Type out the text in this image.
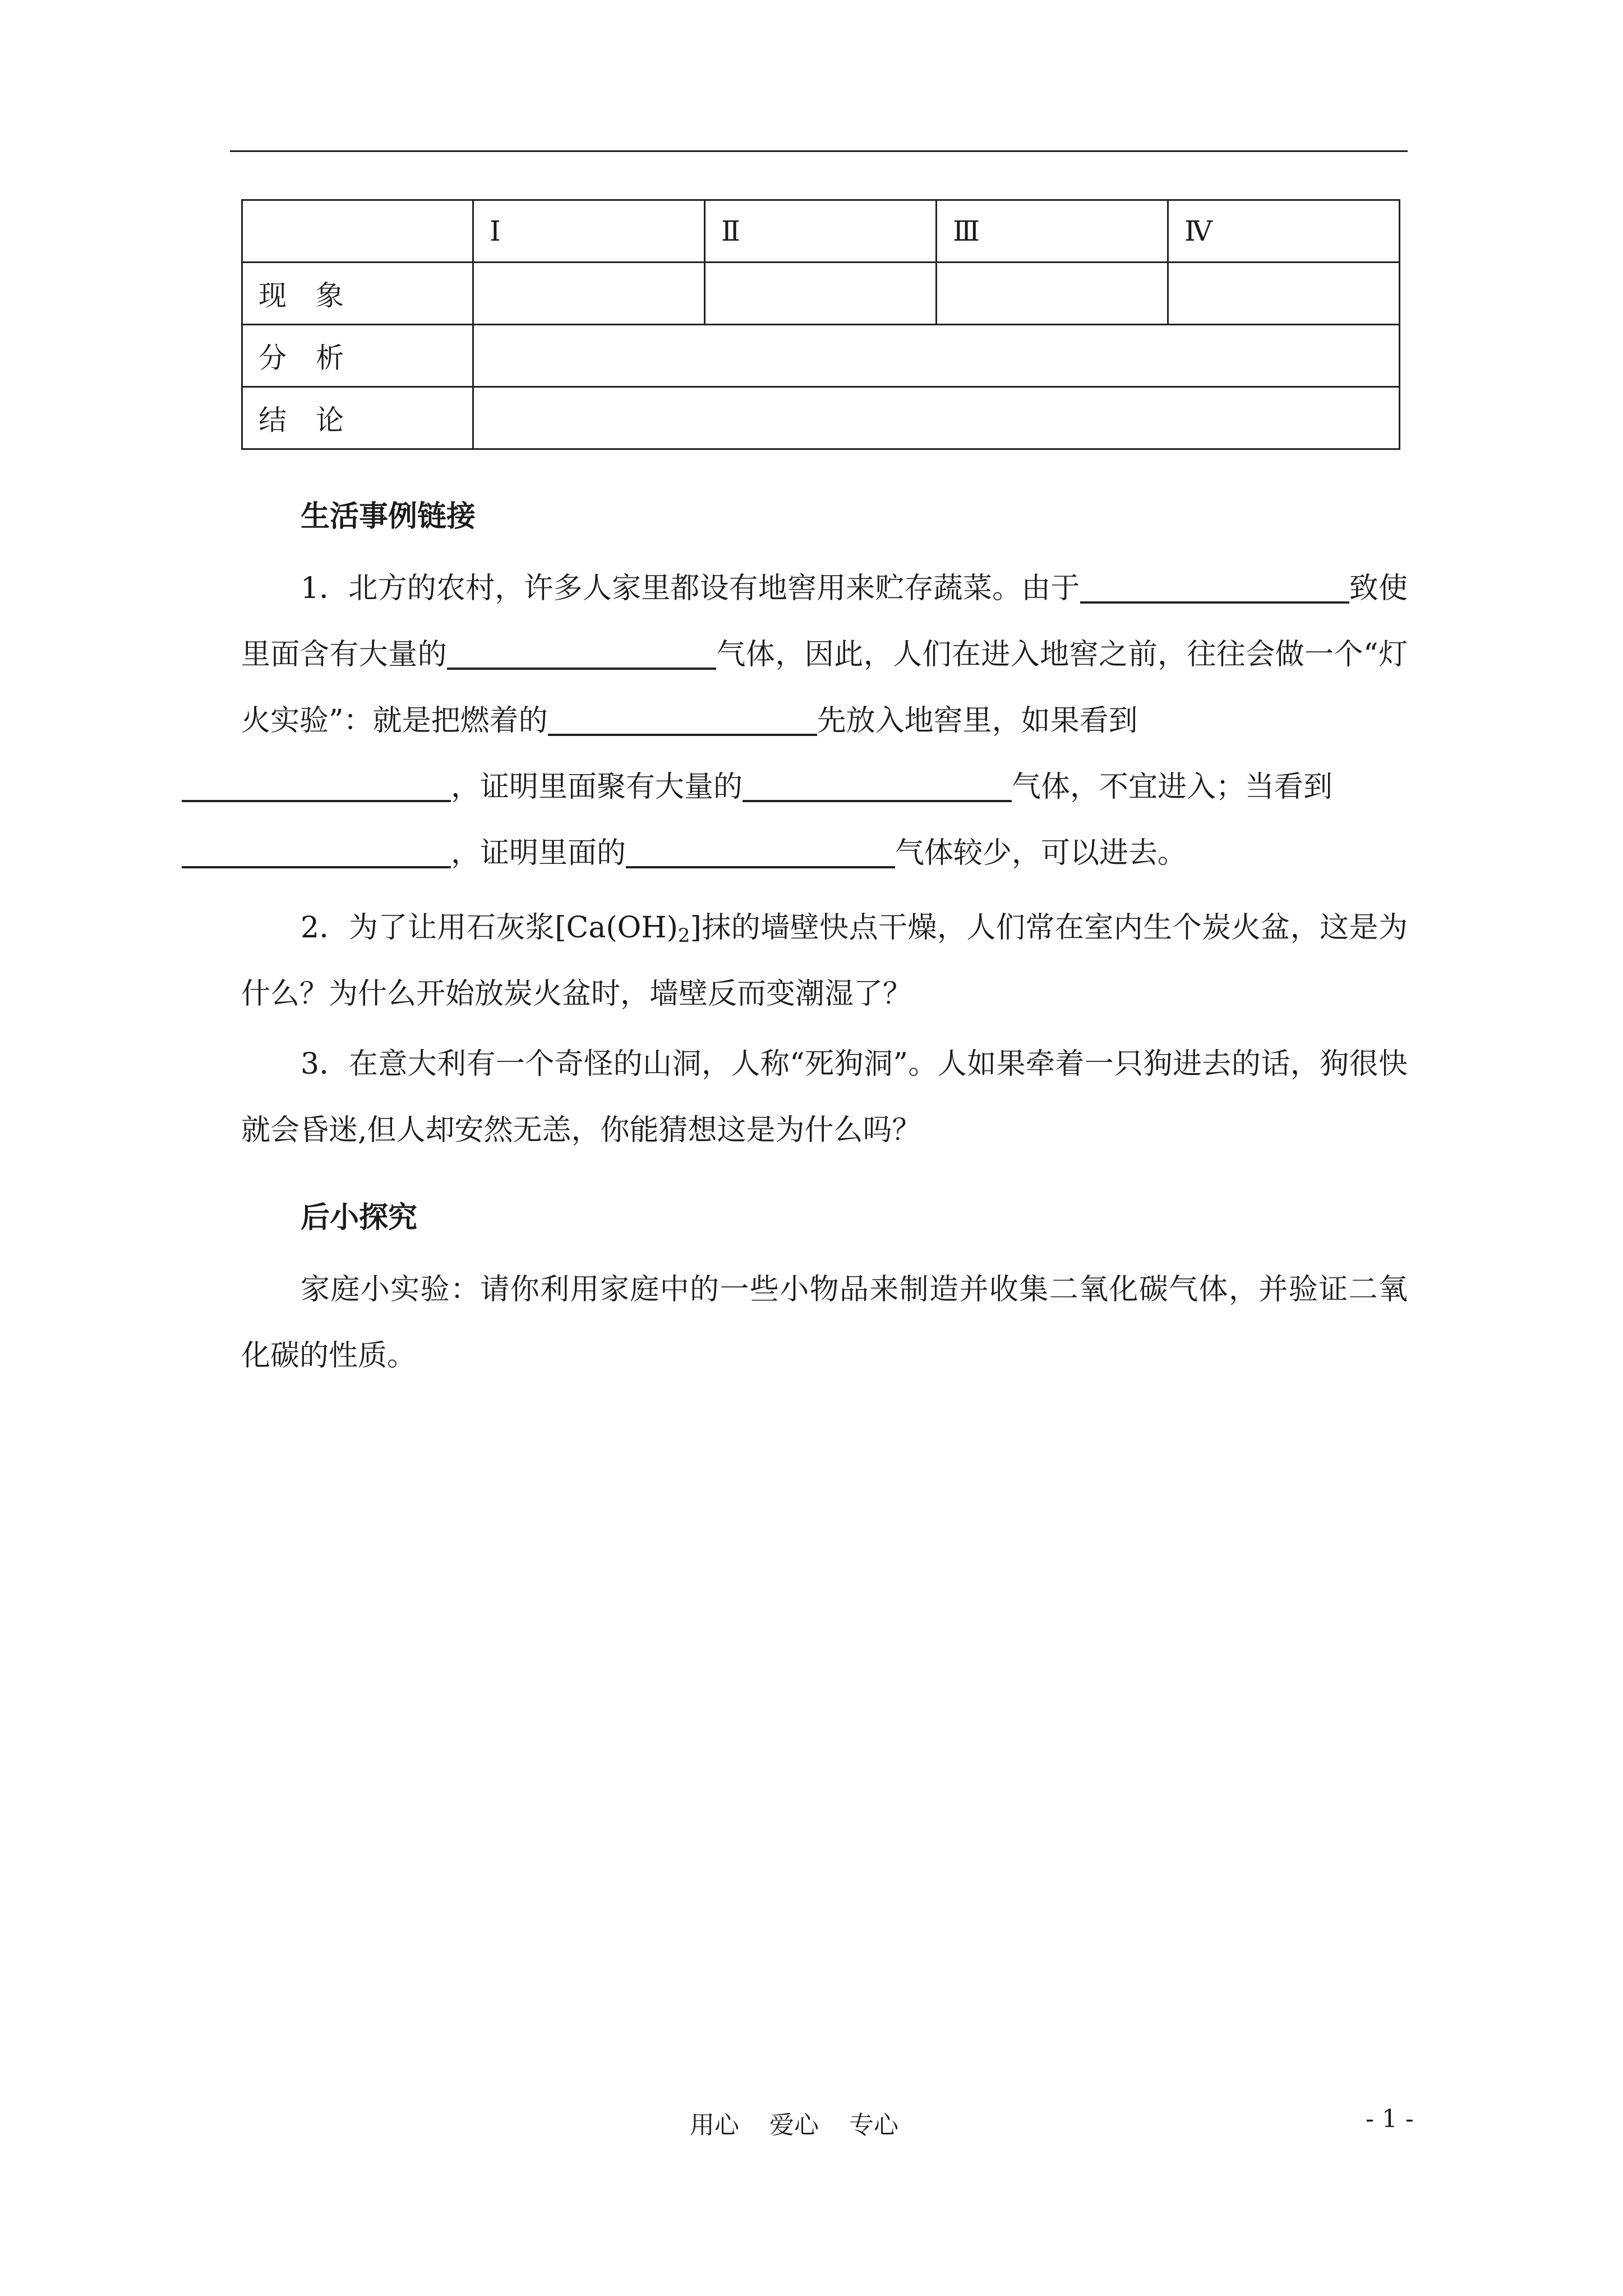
	Ⅰ	Ⅱ	Ⅲ	Ⅳ
现象				
分析				
结论				
生活事例链接
1．北方的农村，许多人家里都设有地窖用来贮存蔬菜。由于	致使里面含有大量的	气体，因此，人们在进入地窖之前，往往会做一个“灯火实验”：就是把燃着的	先放入地窖里，如果看到
，证明里面聚有大量的	气体，不宜进入；当看到
，证明里面的	气体较少，可以进去。
2．为了让用石灰浆$[Ca(OH)_2]$抹的墙壁快点干燥，人们常在室内生个炭火盆，这是为什么？为什么开始放炭火盆时，墙壁反而变潮湿了？
3．在意大利有一个奇怪的山洞，人称“死狗洞”。人如果牵着一只狗进去的话，狗很快就会昏迷,但人却安然无恙，你能猜想这是为什么吗？
后小探究
家庭小实验：请你利用家庭中的一些小物品来制造并收集二氧化碳气体，并验证二氧化碳的性质。
用心 爱心 专心	- 1 -
